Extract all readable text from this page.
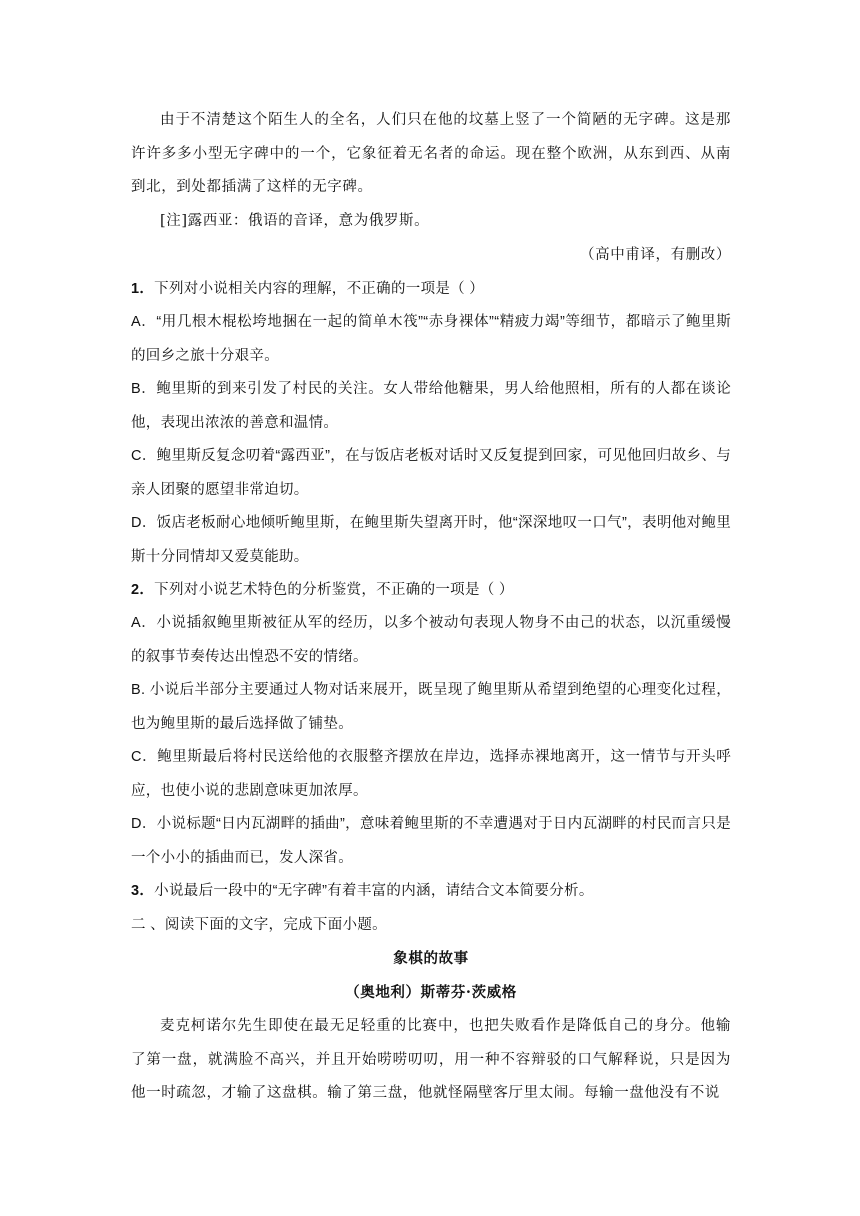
由于不清楚这个陌生人的全名，人们只在他的坟墓上竖了一个简陋的无字碑。这是那许许多多小型无字碑中的一个，它象征着无名者的命运。现在整个欧洲，从东到西、从南到北，到处都插满了这样的无字碑。

[注]露西亚：俄语的音译，意为俄罗斯。

（高中甫译，有删改）

1．下列对小说相关内容的理解，不正确的一项是（ ）

A．“用几根木棍松垮地捆在一起的简单木筏”“赤身裸体”“精疲力竭”等细节，都暗示了鲍里斯的回乡之旅十分艰辛。

B．鲍里斯的到来引发了村民的关注。女人带给他糖果，男人给他照相，所有的人都在谈论他，表现出浓浓的善意和温情。

C．鲍里斯反复念叨着“露西亚”，在与饭店老板对话时又反复提到回家，可见他回归故乡、与亲人团聚的愿望非常迫切。

D．饭店老板耐心地倾听鲍里斯，在鲍里斯失望离开时，他“深深地叹一口气”，表明他对鲍里斯十分同情却又爱莫能助。

2．下列对小说艺术特色的分析鉴赏，不正确的一项是（ ）

A．小说插叙鲍里斯被征从军的经历，以多个被动句表现人物身不由己的状态，以沉重缓慢的叙事节奏传达出惶恐不安的情绪。

B. 小说后半部分主要通过人物对话来展开，既呈现了鲍里斯从希望到绝望的心理变化过程，也为鲍里斯的最后选择做了铺垫。

C．鲍里斯最后将村民送给他的衣服整齐摆放在岸边，选择赤裸地离开，这一情节与开头呼应，也使小说的悲剧意味更加浓厚。

D．小说标题“日内瓦湖畔的插曲”，意味着鲍里斯的不幸遭遇对于日内瓦湖畔的村民而言只是一个小小的插曲而已，发人深省。

3．小说最后一段中的“无字碑”有着丰富的内涵，请结合文本简要分析。

二 、阅读下面的文字，完成下面小题。

象棋的故事

（奥地利）斯蒂芬·茨威格

麦克柯诺尔先生即使在最无足轻重的比赛中，也把失败看作是降低自己的身分。他输了第一盘，就满脸不高兴，并且开始唠唠叨叨，用一种不容辩驳的口气解释说，只是因为他一时疏忽，才输了这盘棋。输了第三盘，他就怪隔壁客厅里太闹。每输一盘他没有不说
